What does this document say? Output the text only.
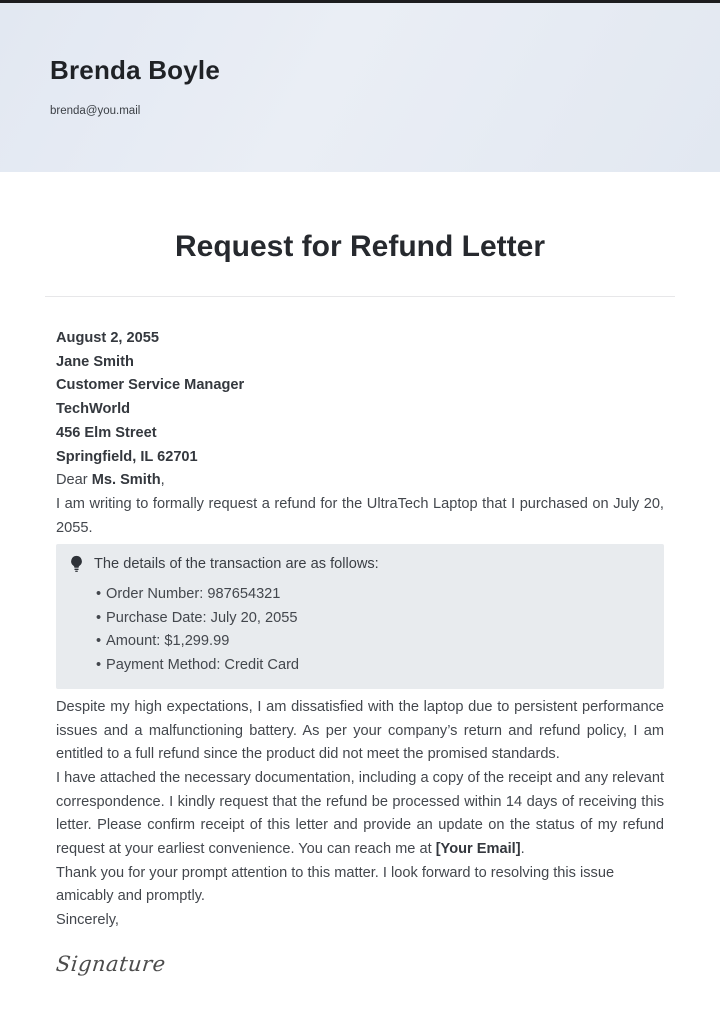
Brenda Boyle
brenda@you.mail
Request for Refund Letter

August 2, 2055

Jane Smith

Customer Service Manager

TechWorld

456 Elm Street

Springfield, IL 62701

Dear Ms. Smith,

I am writing to formally request a refund for the UltraTech Laptop that I purchased on July 20, 2055.

The details of the transaction are as follows:
• Order Number: 987654321
• Purchase Date: July 20, 2055
• Amount: $1,299.99
• Payment Method: Credit Card

Despite my high expectations, I am dissatisfied with the laptop due to persistent performance issues and a malfunctioning battery. As per your company’s return and refund policy, I am entitled to a full refund since the product did not meet the promised standards.

I have attached the necessary documentation, including a copy of the receipt and any relevant correspondence. I kindly request that the refund be processed within 14 days of receiving this letter. Please confirm receipt of this letter and provide an update on the status of my refund request at your earliest convenience. You can reach me at [Your Email].

Thank you for your prompt attention to this matter. I look forward to resolving this issue amicably and promptly.

Sincerely,

Signature
